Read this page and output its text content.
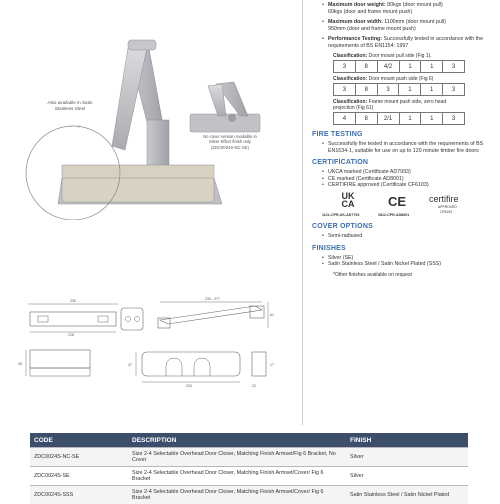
Also available in Satin Stainless Steel
No cover version Available in
Silver Effect finish only
(ZDC0024S-NC-SE)
235
218
233 - 277
61
45
203
47
22
17
• Maximum door weight: 80kgs (door mount pull)
60kgs (door and frame mount push)
• Maximum door width: 1100mm (door mount pull)
950mm (door and frame mount push)
• Performance Testing: Successfully tested in accordance with the requirements of BS EN1154: 1997
Classification: Door mount pull side (Fig 1).
3	8	4/2	1	1	3
Classification: Door mount push side (Fig 6)
3	8	3	1	1	3
Classification: Frame mount push side, zero head projection (Fig 61)
4	8	2/1	1	1	3
FIRE TESTING
• Successfully fire tested in accordance with the requirements of BS EN1634-1, suitable for use on up to 120 minute timber fire doors
CERTIFICATION
• UKCA marked (Certificate AD7993)
• CE marked (Certificate AD8001)
• CERTIFIRE approved (Certificate CF6103)
UK
CA
1121-CPR-UK-AD7793
CE
2812-CPR-AD8001
certifire
APPROVED
CF6103
COVER OPTIONS
• Semi-radiused
FINISHES
• Silver (SE)
• Satin Stainless Steel / Satin Nickel Plated (SSS)
*Other finishes available on request
CODE	DESCRIPTION	FINISH
ZDC0024S-NC-SE	Size 2-4 Selectable Overhead Door Closer, Matching Finish Armset/Fig 6 Bracket, No Cover	Silver
ZDC0024S-SE	Size 2-4 Selectable Overhead Door Closer, Matching Finish Armset/Cover/ Fig 6 Bracket	Silver
ZDC0024S-SSS	Size 2-4 Selectable Overhead Door Closer, Matching Finish Armset/Cover/ Fig 6 Bracket	Satin Stainless Steel / Satin Nickel Plated
